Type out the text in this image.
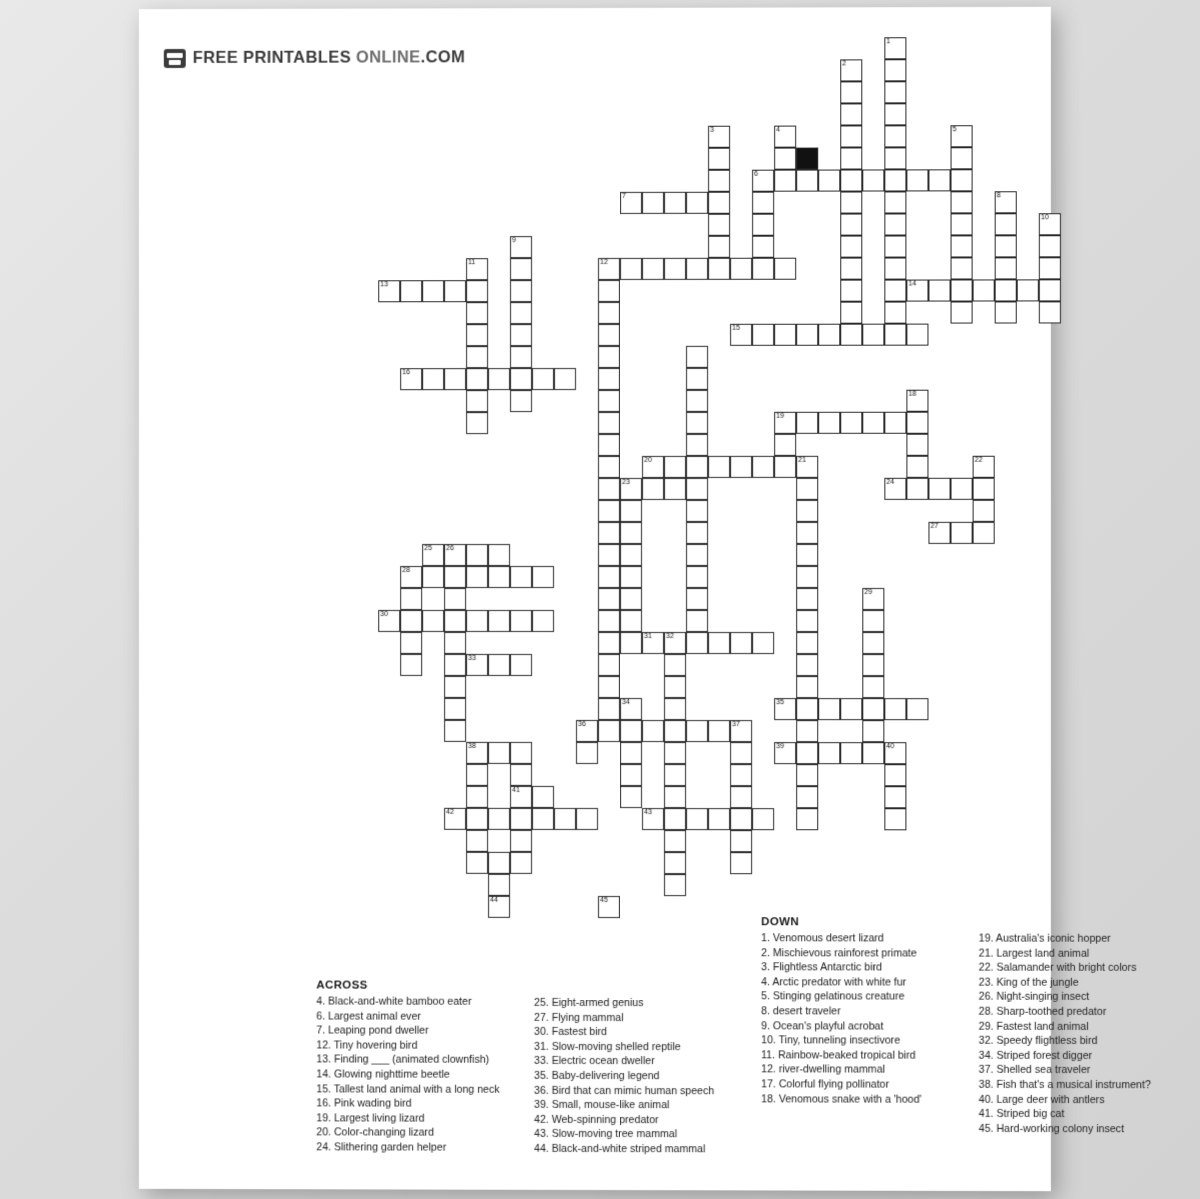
FREE PRINTABLES ONLINE.COM
1
2
3	4	5
6
7	8
10
9
11	12
13	14
15
16
18
19
20	21	22
23	24
27
25 26
28
29
30
31 32
33
34	35
36	37
38	39	40
41
42	43
44	45
ACROSS
4. Black-and-white bamboo eater
6. Largest animal ever
7. Leaping pond dweller
12. Tiny hovering bird
13. Finding ___ (animated clownfish)
14. Glowing nighttime beetle
15. Tallest land animal with a long neck
16. Pink wading bird
19. Largest living lizard
20. Color-changing lizard
24. Slithering garden helper
25. Eight-armed genius
27. Flying mammal
30. Fastest bird
31. Slow-moving shelled reptile
33. Electric ocean dweller
35. Baby-delivering legend
36. Bird that can mimic human speech
39. Small, mouse-like animal
42. Web-spinning predator
43. Slow-moving tree mammal
44. Black-and-white striped mammal
DOWN
1. Venomous desert lizard
2. Mischievous rainforest primate
3. Flightless Antarctic bird
4. Arctic predator with white fur
5. Stinging gelatinous creature
8. desert traveler
9. Ocean's playful acrobat
10. Tiny, tunneling insectivore
11. Rainbow-beaked tropical bird
12. river-dwelling mammal
17. Colorful flying pollinator
18. Venomous snake with a 'hood'
19. Australia's iconic hopper
21. Largest land animal
22. Salamander with bright colors
23. King of the jungle
26. Night-singing insect
28. Sharp-toothed predator
29. Fastest land animal
32. Speedy flightless bird
34. Striped forest digger
37. Shelled sea traveler
38. Fish that's a musical instrument?
40. Large deer with antlers
41. Striped big cat
45. Hard-working colony insect
